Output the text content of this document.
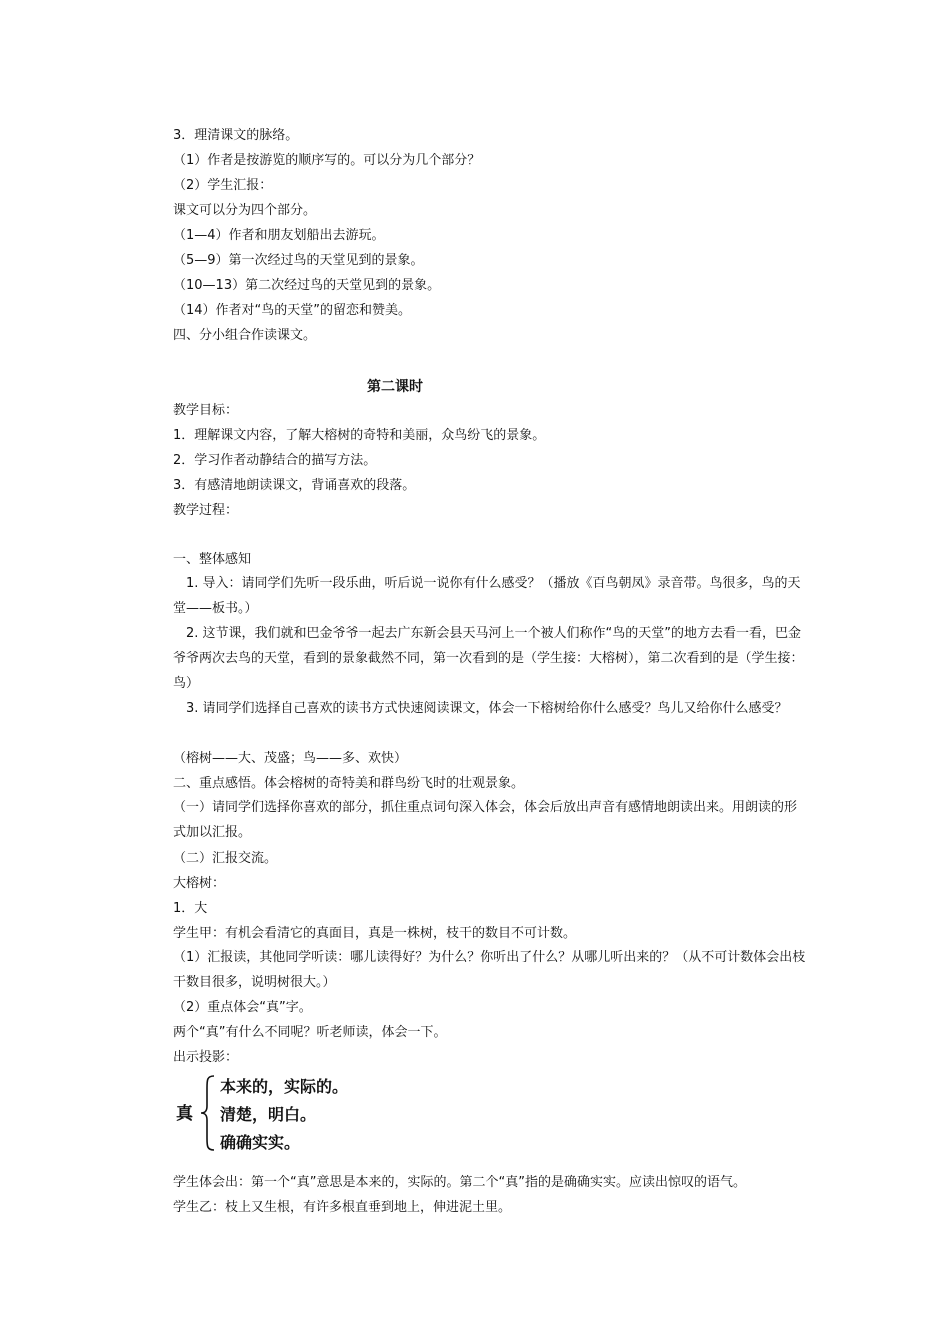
3．理清课文的脉络。
（1）作者是按游览的顺序写的。可以分为几个部分？
（2）学生汇报：
课文可以分为四个部分。
（1—4）作者和朋友划船出去游玩。
（5—9）第一次经过鸟的天堂见到的景象。
（10—13）第二次经过鸟的天堂见到的景象。
（14）作者对“鸟的天堂”的留恋和赞美。
四、分小组合作读课文。
第二课时
教学目标：
1．理解课文内容，了解大榕树的奇特和美丽，众鸟纷飞的景象。
2．学习作者动静结合的描写方法。
3．有感清地朗读课文，背诵喜欢的段落。
教学过程：
一、整体感知
　1. 导入：请同学们先听一段乐曲，听后说一说你有什么感受？（播放《百鸟朝凤》录音带。鸟很多，鸟的天堂——板书。）
　2. 这节课，我们就和巴金爷爷一起去广东新会县天马河上一个被人们称作“鸟的天堂”的地方去看一看，巴金爷爷两次去鸟的天堂，看到的景象截然不同，第一次看到的是（学生接：大榕树），第二次看到的是（学生接：鸟）
　3. 请同学们选择自己喜欢的读书方式快速阅读课文，体会一下榕树给你什么感受？鸟儿又给你什么感受？
（榕树——大、茂盛；鸟——多、欢快）
二、重点感悟。体会榕树的奇特美和群鸟纷飞时的壮观景象。
（一）请同学们选择你喜欢的部分，抓住重点词句深入体会，体会后放出声音有感情地朗读出来。用朗读的形式加以汇报。
（二）汇报交流。
大榕树：
1．大
学生甲：有机会看清它的真面目，真是一株树，枝干的数目不可计数。
（1）汇报读，其他同学听读：哪儿读得好？为什么？你听出了什么？从哪儿听出来的？（从不可计数体会出枝干数目很多，说明树很大。）
（2）重点体会“真”字。
两个“真”有什么不同呢？听老师读，体会一下。
出示投影：
真
本来的，实际的。
清楚，明白。
确确实实。
学生体会出：第一个“真”意思是本来的，实际的。第二个“真”指的是确确实实。应读出惊叹的语气。
学生乙：枝上又生根，有许多根直垂到地上，伸进泥土里。
